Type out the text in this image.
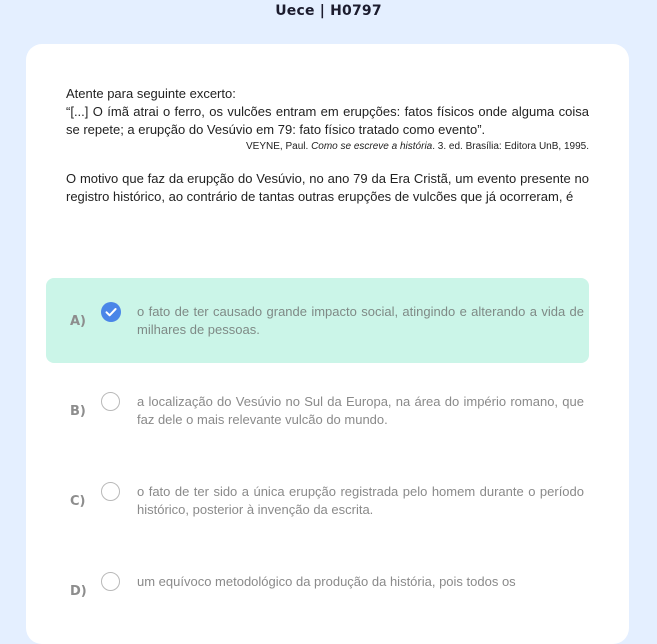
Uece | H0797

Atente para seguinte excerto:

“[...] O ímã atrai o ferro, os vulcões entram em erupções: fatos físicos onde alguma coisa se repete; a erupção do Vesúvio em 79: fato físico tratado como evento”.

VEYNE, Paul. Como se escreve a história. 3. ed. Brasília: Editora UnB, 1995.

O motivo que faz da erupção do Vesúvio, no ano 79 da Era Cristã, um evento presente no registro histórico, ao contrário de tantas outras erupções de vulcões que já ocorreram, é

A)
o fato de ter causado grande impacto social, atingindo e alterando a vida de milhares de pessoas.
B)
a localização do Vesúvio no Sul da Europa, na área do império romano, que faz dele o mais relevante vulcão do mundo.
C)
o fato de ter sido a única erupção registrada pelo homem durante o período histórico, posterior à invenção da escrita.
D)
um equívoco metodológico da produção da história, pois todos os
